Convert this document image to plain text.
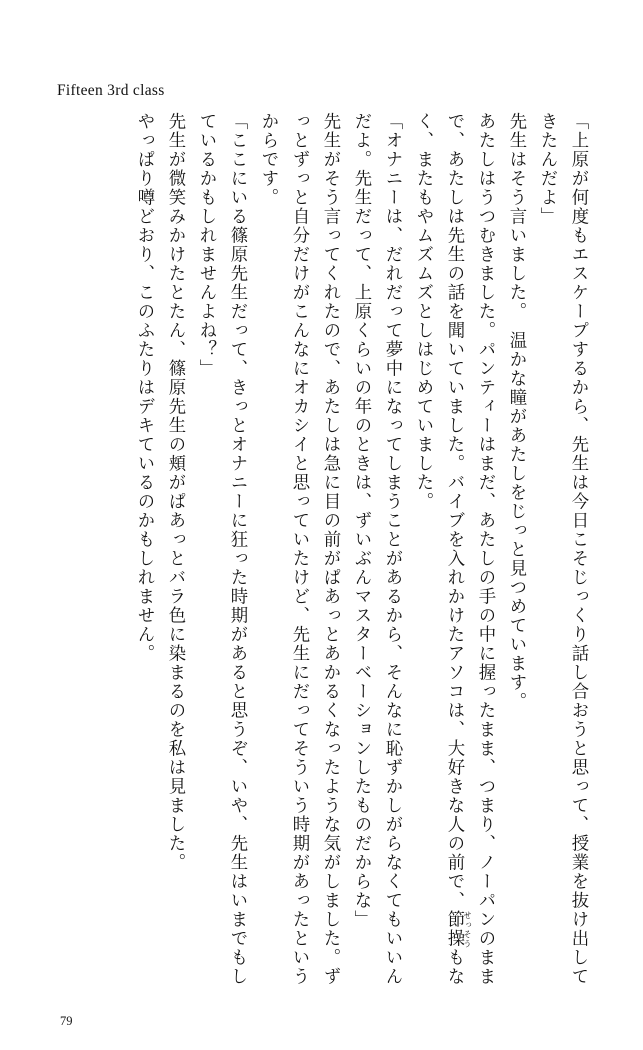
Fifteen 3rd class

「上原が何度もエスケープするから、先生は今日こそじっくり話し合おうと思って、授業を抜け出してきたんだよ」

先生はそう言いました。　温かな瞳があたしをじっと見つめています。

あたしはうつむきました。パンティーはまだ、あたしの手の中に握ったまま、つまり、ノーパンのままで、あたしは先生の話を聞いていました。バイブを入れかけたアソコは、大好きな人の前で、節操 せっそうもなく、またもやムズムズとしはじめていました。

「オナニーは、だれだって夢中になってしまうことがあるから、そんなに恥ずかしがらなくてもいいんだよ。先生だって、上原くらいの年のときは、ずいぶんマスターベーションしたものだからな」

先生がそう言ってくれたので、あたしは急に目の前がぱあっとあかるくなったような気がしました。ずっとずっと自分だけがこんなにオカシイと思っていたけど、先生にだってそういう時期があったというからです。

「ここにいる篠原先生だって、きっとオナニーに狂った時期があると思うぞ、いや、先生はいまでもしているかもしれませんよね？」

先生が微笑みかけたとたん、篠原先生の頬がぱあっとバラ色に染まるのを私は見ました。

やっぱり噂どおり、このふたりはデキているのかもしれません。

79
